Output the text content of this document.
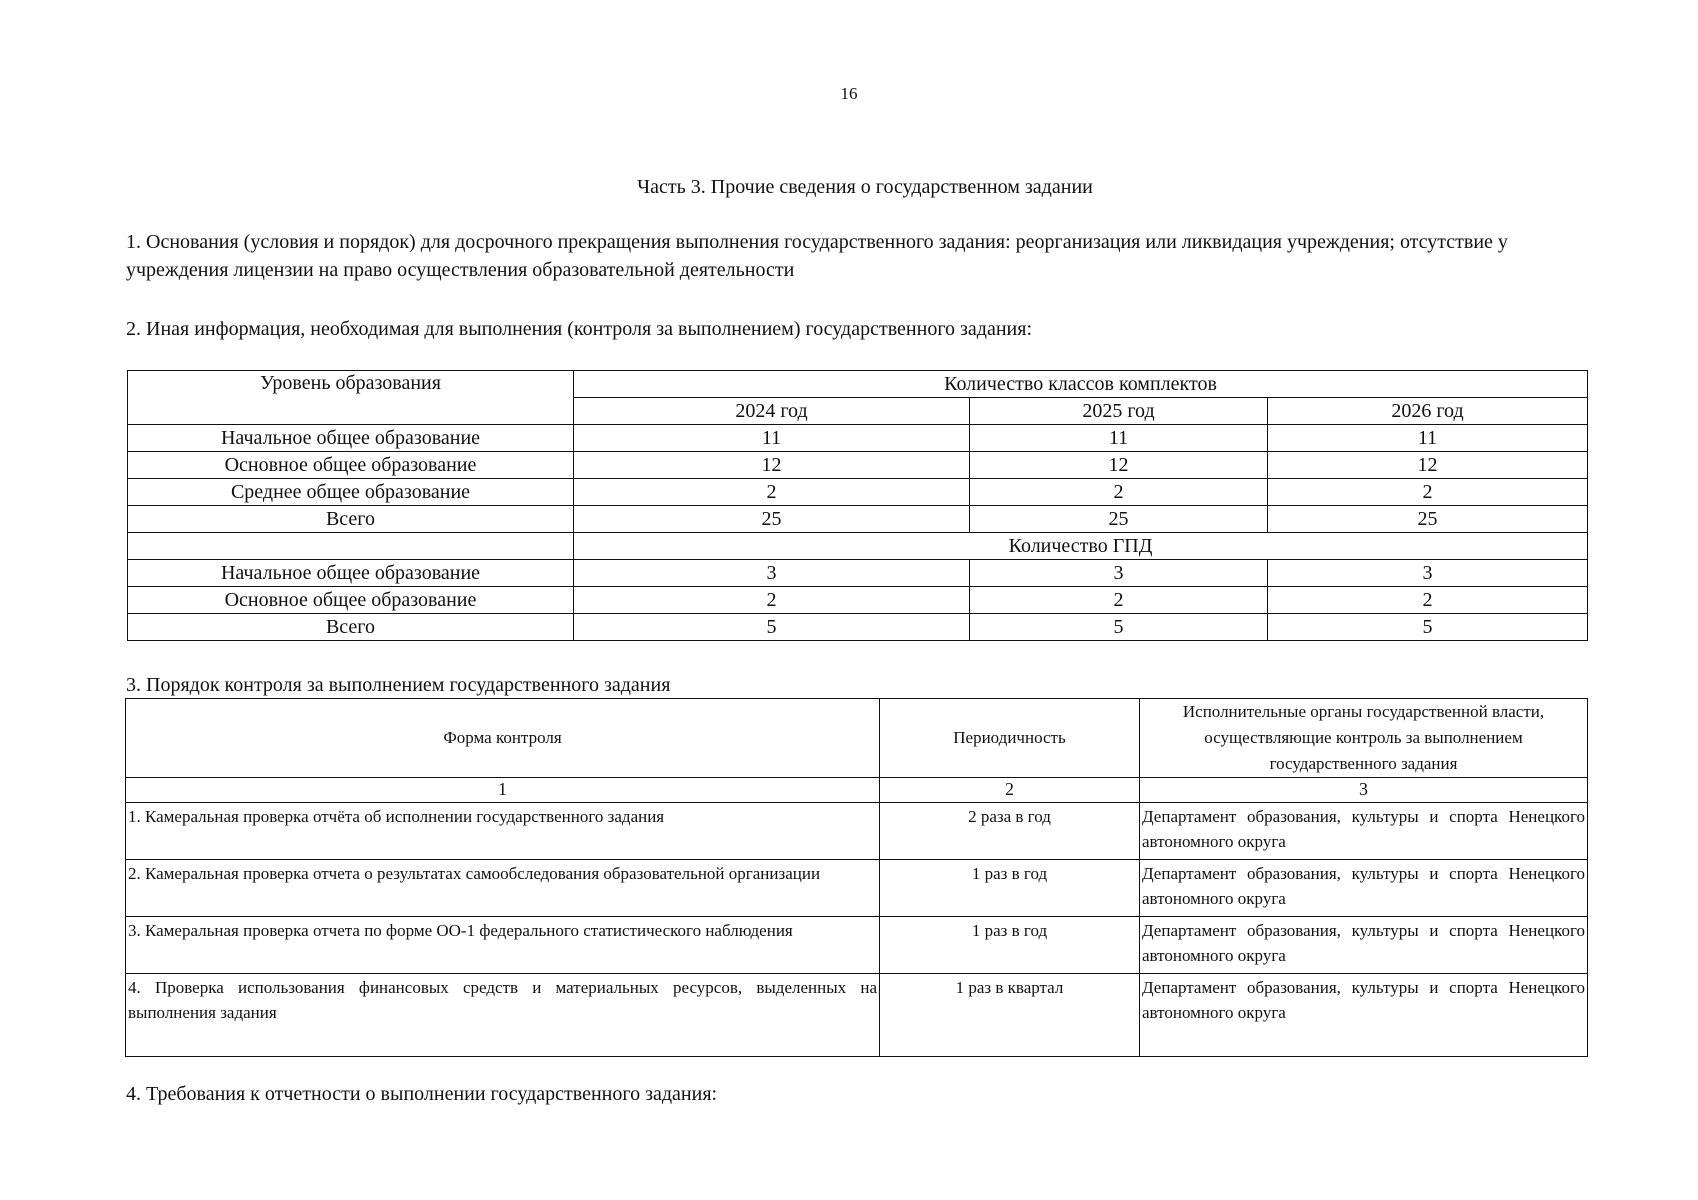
16
Часть 3. Прочие сведения о государственном задании
1. Основания (условия и порядок) для досрочного прекращения выполнения государственного задания: реорганизация или ликвидация учреждения; отсутствие у учреждения лицензии на право осуществления образовательной деятельности
2. Иная информация, необходимая для выполнения (контроля за выполнением) государственного задания:
Уровень образования	Количество классов комплектов		
	2024 год	2025 год	2026 год
Начальное общее образование	11	11	11
Основное общее образование	12	12	12
Среднее общее образование	2	2	2
Всего	25	25	25
	Количество ГПД		
Начальное общее образование	3	3	3
Основное общее образование	2	2	2
Всего	5	5	5
3. Порядок контроля за выполнением государственного задания
Форма контроля	Периодичность	Исполнительные органы государственной власти, осуществляющие контроль за выполнением государственного задания
1	2	3
1. Камеральная проверка отчёта об исполнении государственного задания	2 раза в год	Департамент образования, культуры и спорта Ненецкого автономного округа
2. Камеральная проверка отчета о результатах самообследования образовательной организации	1 раз в год	Департамент образования, культуры и спорта Ненецкого автономного округа
3. Камеральная проверка отчета по форме ОО-1 федерального статистического наблюдения	1 раз в год	Департамент образования, культуры и спорта Ненецкого автономного округа
4. Проверка использования финансовых средств и материальных ресурсов, выделенных на выполнения задания	1 раз в квартал	Департамент образования, культуры и спорта Ненецкого автономного округа
4. Требования к отчетности о выполнении государственного задания:
